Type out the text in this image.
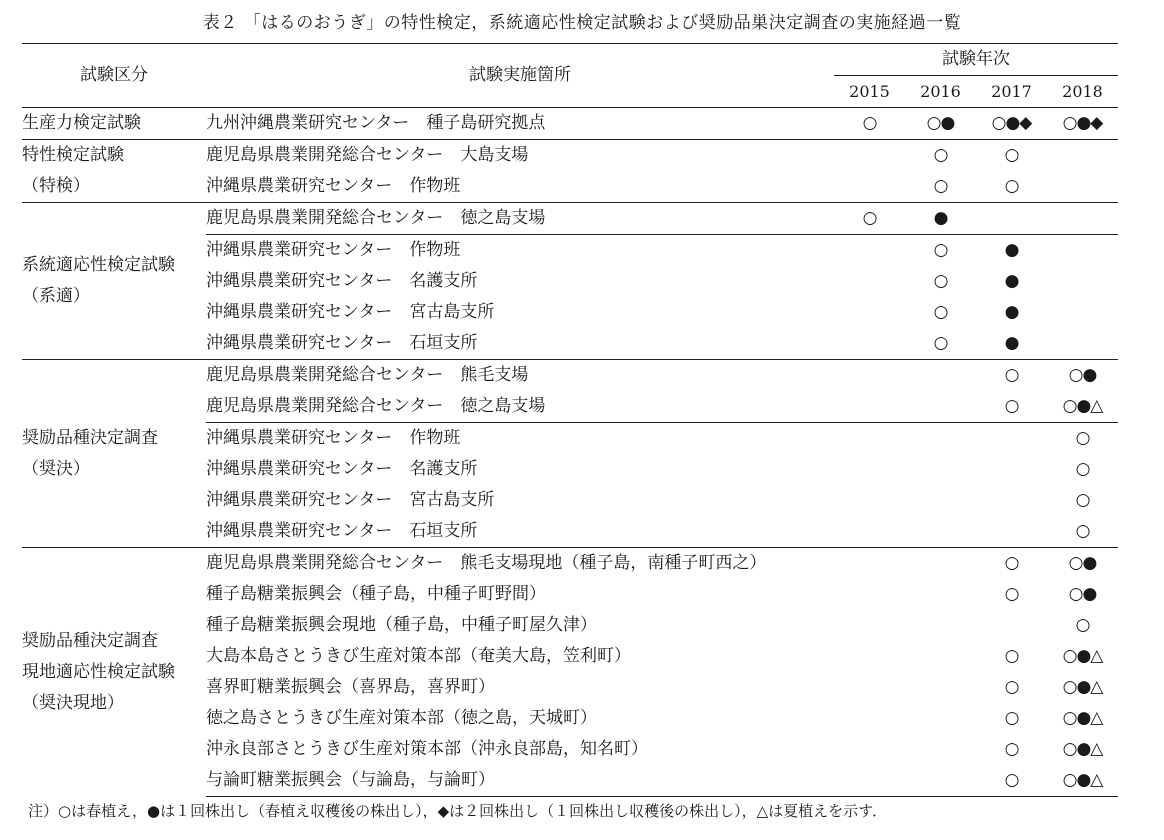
表２ 「はるのおうぎ」の特性検定，系統適応性検定試験および奨励品巣決定調査の実施経過一覧
試験区分	試験実施箇所	試験年次			
		2015	2016	2017	2018

生産力検定試験	九州沖縄農業研究センター　種子島研究拠点	○	○●	○●◆	○●◆

特性検定試験
（特検）	鹿児島県農業開発総合センター　大島支場		○	○	
	沖縄県農業研究センター　作物班		○	○	

系統適応性検定試験
（系適）	鹿児島県農業開発総合センター　徳之島支場	○	●		
	沖縄県農業研究センター　作物班		○	●	
	沖縄県農業研究センター　名護支所		○	●	
	沖縄県農業研究センター　宮古島支所		○	●	
	沖縄県農業研究センター　石垣支所		○	●	

奨励品種決定調査
（奨決）	鹿児島県農業開発総合センター　熊毛支場			○	○●
	鹿児島県農業開発総合センター　徳之島支場			○	○●△
	沖縄県農業研究センター　作物班				○
	沖縄県農業研究センター　名護支所				○
	沖縄県農業研究センター　宮古島支所				○
	沖縄県農業研究センター　石垣支所				○

奨励品種決定調査
現地適応性検定試験
（奨決現地）	鹿児島県農業開発総合センター　熊毛支場現地（種子島，南種子町西之）			○	○●
	種子島糖業振興会（種子島，中種子町野間）			○	○●
	種子島糖業振興会現地（種子島，中種子町屋久津）				○
	大島本島さとうきび生産対策本部（奄美大島，笠利町）			○	○●△
	喜界町糖業振興会（喜界島，喜界町）			○	○●△
	徳之島さとうきび生産対策本部（徳之島，天城町）			○	○●△
	沖永良部さとうきび生産対策本部（沖永良部島，知名町）			○	○●△
	与論町糖業振興会（与論島，与論町）			○	○●△
注）○は春植え，●は１回株出し（春植え収穫後の株出し），◆は２回株出し（１回株出し収穫後の株出し），△は夏植えを示す．
